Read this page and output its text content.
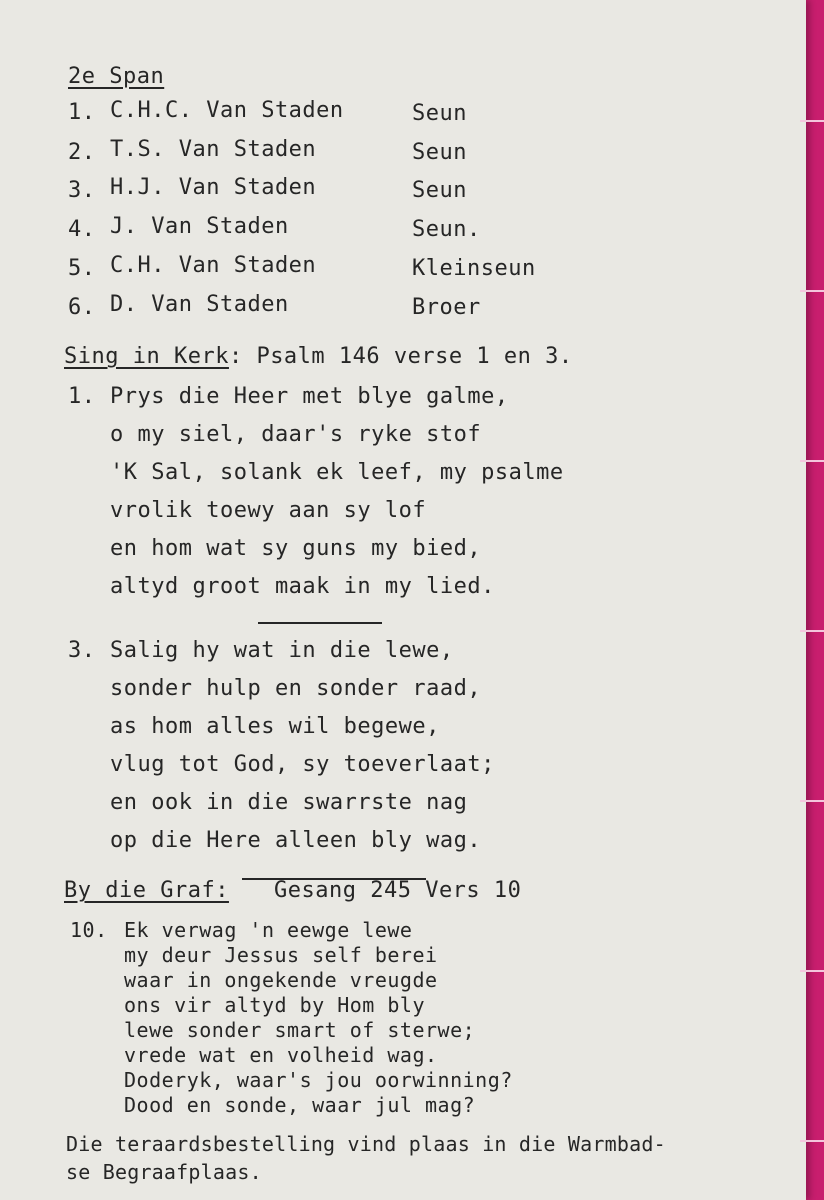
2e Span
1. C.H.C. Van Staden	Seun
2. T.S. Van Staden	Seun
3. H.J. Van Staden	Seun
4. J. Van Staden	Seun.
5. C.H. Van Staden	Kleinseun
6. D. Van Staden	Broer
Sing in Kerk: Psalm 146 verse 1 en 3.
1. Prys die Heer met blye galme,
o my siel, daar's ryke stof
'K Sal, solank ek leef, my psalme
vrolik toewy aan sy lof
en hom wat sy guns my bied,
altyd groot maak in my lied.
3. Salig hy wat in die lewe,
sonder hulp en sonder raad,
as hom alles wil begewe,
vlug tot God, sy toeverlaat;
en ook in die swarrste nag
op die Here alleen bly wag.
By die Graf: Gesang 245 Vers 10
10. Ek verwag 'n eewge lewe
my deur Jessus self berei
waar in ongekende vreugde
ons vir altyd by Hom bly
lewe sonder smart of sterwe;
vrede wat en volheid wag.
Doderyk, waar's jou oorwinning?
Dood en sonde, waar jul mag?
Die teraardsbestelling vind plaas in die Warmbad-
se Begraafplaas.
